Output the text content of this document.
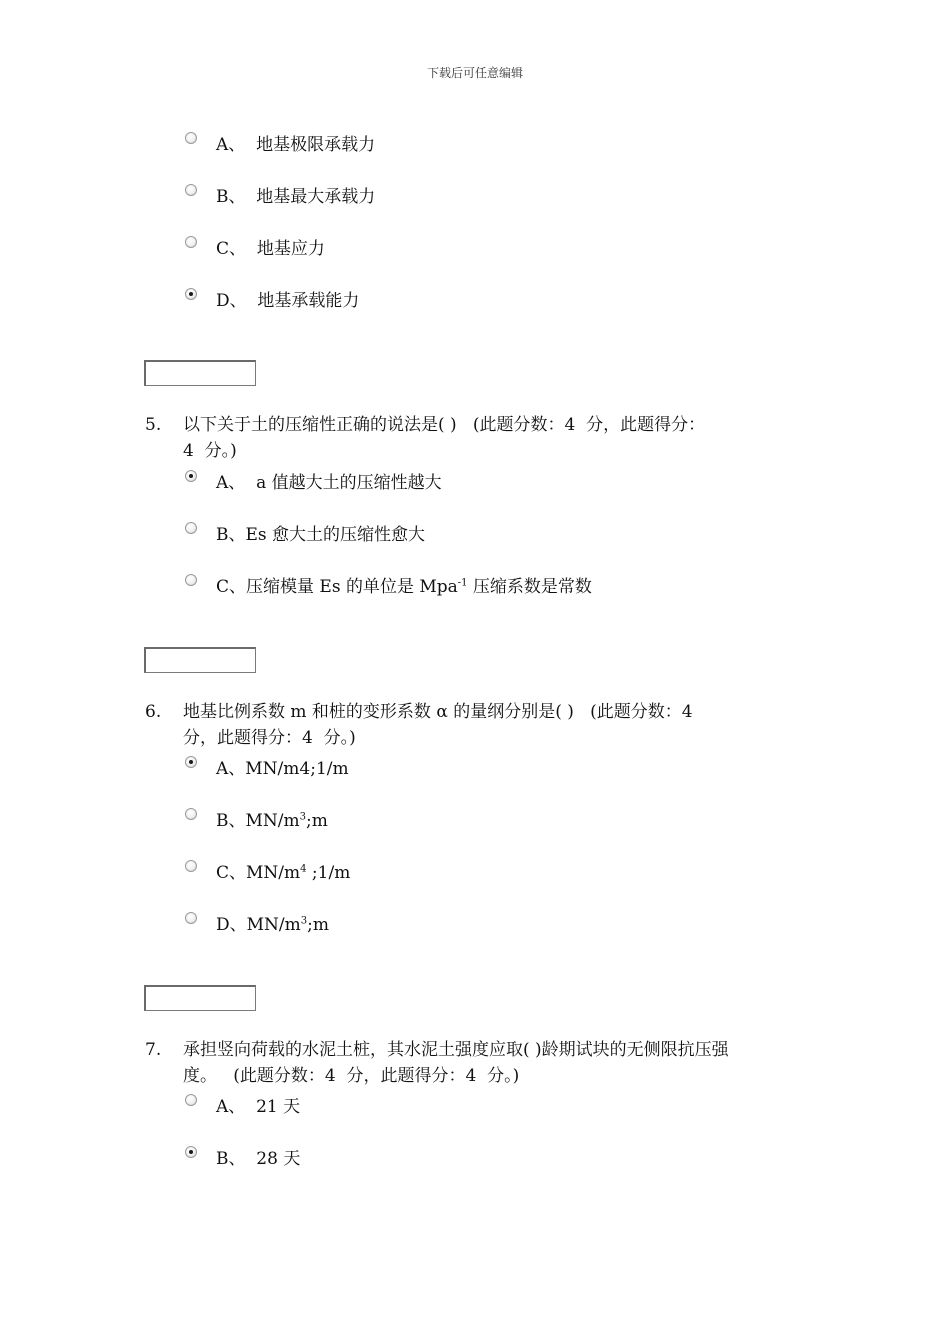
下载后可任意编辑
A、  地基极限承载力
B、  地基最大承载力
C、  地基应力
D、  地基承载能力
5. 以下关于土的压缩性正确的说法是( )   (此题分数：4  分，此题得分：
4  分。)
A、  a 值越大土的压缩性越大
B、Es 愈大土的压缩性愈大
C、压缩模量 Es 的单位是 Mpa$^{-1}$ 压缩系数是常数
6. 地基比例系数 m 和桩的变形系数 α 的量纲分别是( )   (此题分数：4
分，此题得分：4  分。)
A、MN/m4;1/m
B、$MN/m^3;m$
C、$MN/m^4$ ;1/m
D、$MN/m^3;m$
7. 承担竖向荷载的水泥土桩，其水泥土强度应取( )龄期试块的无侧限抗压强
度。   (此题分数：4  分，此题得分：4  分。)
A、  21 天
B、  28 天
